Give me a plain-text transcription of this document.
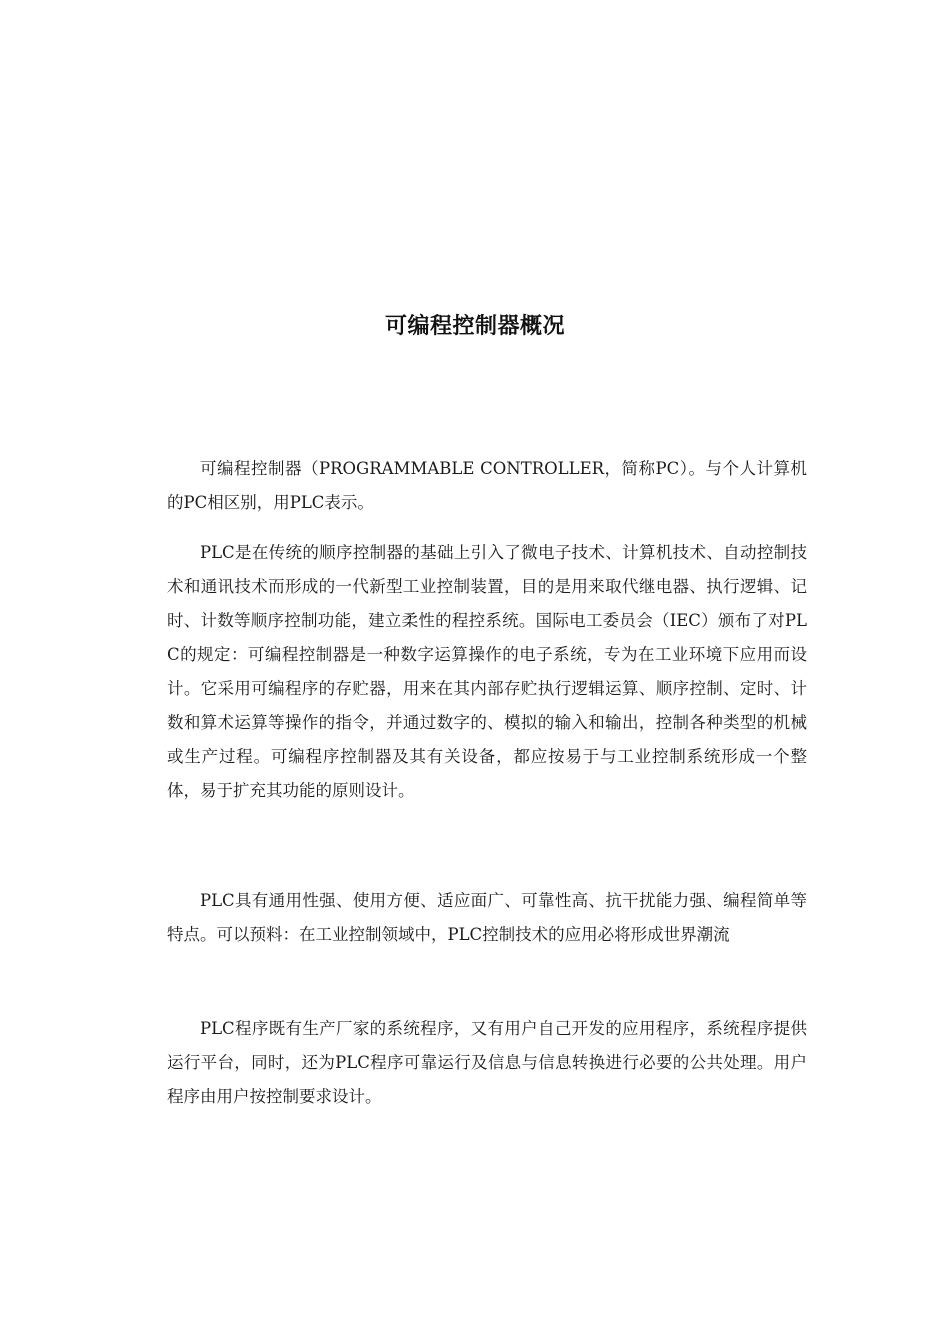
可编程控制器概况

可编程控制器（PROGRAMMABLE CONTROLLER，简称PC）。与个人计算机的PC相区别，用PLC表示。

PLC是在传统的顺序控制器的基础上引入了微电子技术、计算机技术、自动控制技术和通讯技术而形成的一代新型工业控制装置，目的是用来取代继电器、执行逻辑、记时、计数等顺序控制功能，建立柔性的程控系统。国际电工委员会（IEC）颁布了对PLC的规定：可编程控制器是一种数字运算操作的电子系统，专为在工业环境下应用而设计。它采用可编程序的存贮器，用来在其内部存贮执行逻辑运算、顺序控制、定时、计数和算术运算等操作的指令，并通过数字的、模拟的输入和输出，控制各种类型的机械或生产过程。可编程序控制器及其有关设备，都应按易于与工业控制系统形成一个整体，易于扩充其功能的原则设计。

PLC具有通用性强、使用方便、适应面广、可靠性高、抗干扰能力强、编程简单等特点。可以预料：在工业控制领域中，PLC控制技术的应用必将形成世界潮流

PLC程序既有生产厂家的系统程序，又有用户自己开发的应用程序，系统程序提供运行平台，同时，还为PLC程序可靠运行及信息与信息转换进行必要的公共处理。用户程序由用户按控制要求设计。
